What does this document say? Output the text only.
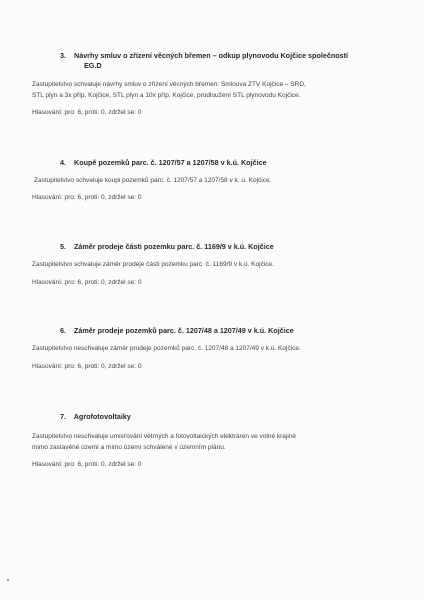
3. Návrhy smluv o zřízení věcných břemen – odkup plynovodu Kojčice společností
EG.D
Zastupitelstvo schvaluje návrhy smluv o zřízení věcných břemen: Smlouva ZTV Kojčice – SRD,
STL plyn a 3x příp. Kojčice, STL plyn a 10x příp. Kojčice, prodloužení STL plynovodu Kojčice.
Hlasování: pro: 6, proti: 0, zdržel se: 0
4. Koupě pozemků parc. č. 1207/57 a 1207/58 v k.ú. Kojčice
Zastupitelstvo schvaluje koupi pozemků parc. č. 1207/57 a 1207/58 v k. ú. Kojčice.
Hlasování: pro: 6, proti: 0, zdržel se: 0
5. Záměr prodeje části pozemku parc. č. 1169/9 v k.ú. Kojčice
Zastupitelstvo schvaluje záměr prodeje části pozemku parc. č. 1169/9 v k.ú. Kojčice.
Hlasování: pro: 6, proti: 0, zdržel se: 0
6. Záměr prodeje pozemků parc. č. 1207/48 a 1207/49 v k.ú. Kojčice
Zastupitelstvo neschvaluje záměr prodeje pozemků parc. č. 1207/48 a 1207/49 v k.ú. Kojčice.
Hlasování: pro: 6, proti: 0, zdržel se: 0
7. Agrofotovoltaiky
Zastupitelstvo neschvaluje umisťování větrných a fotovoltaických elektráren ve volné krajině
mimo zastavěné území a mimo území schválené v územním plánu.
Hlasování: pro: 6, proti: 0, zdržel se: 0
